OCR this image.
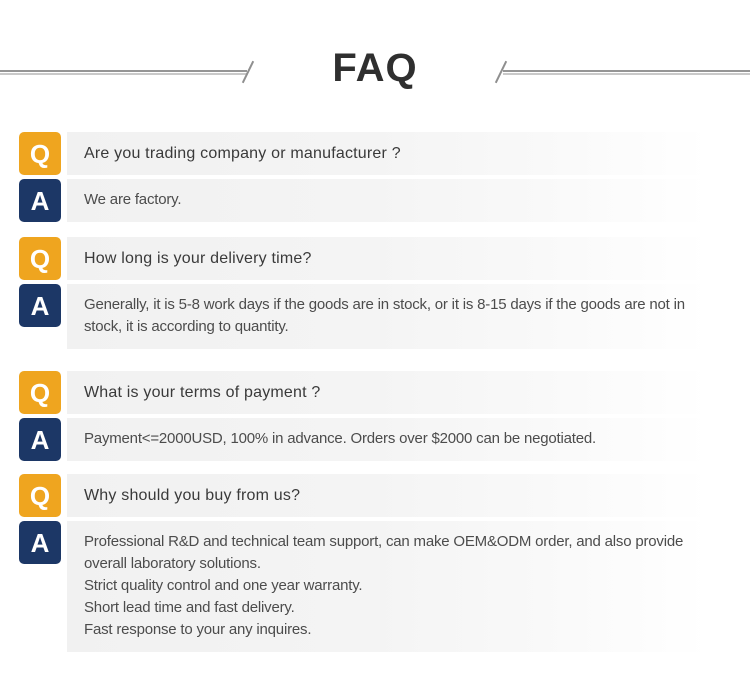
FAQ
Q Are you trading company or manufacturer ?
A We are factory.
Q How long is your delivery time?
A Generally, it is 5-8 work days if the goods are in stock, or it is 8-15 days if the goods are not in stock, it is according to quantity.
Q What is your terms of payment ?
A Payment<=2000USD, 100% in advance. Orders over $2000 can be negotiated.
Q Why should you buy from us?
A Professional R&D and technical team support, can make OEM&ODM order, and also provide overall laboratory solutions.
Strict quality control and one year warranty.
Short lead time and fast delivery.
Fast response to your any inquires.
